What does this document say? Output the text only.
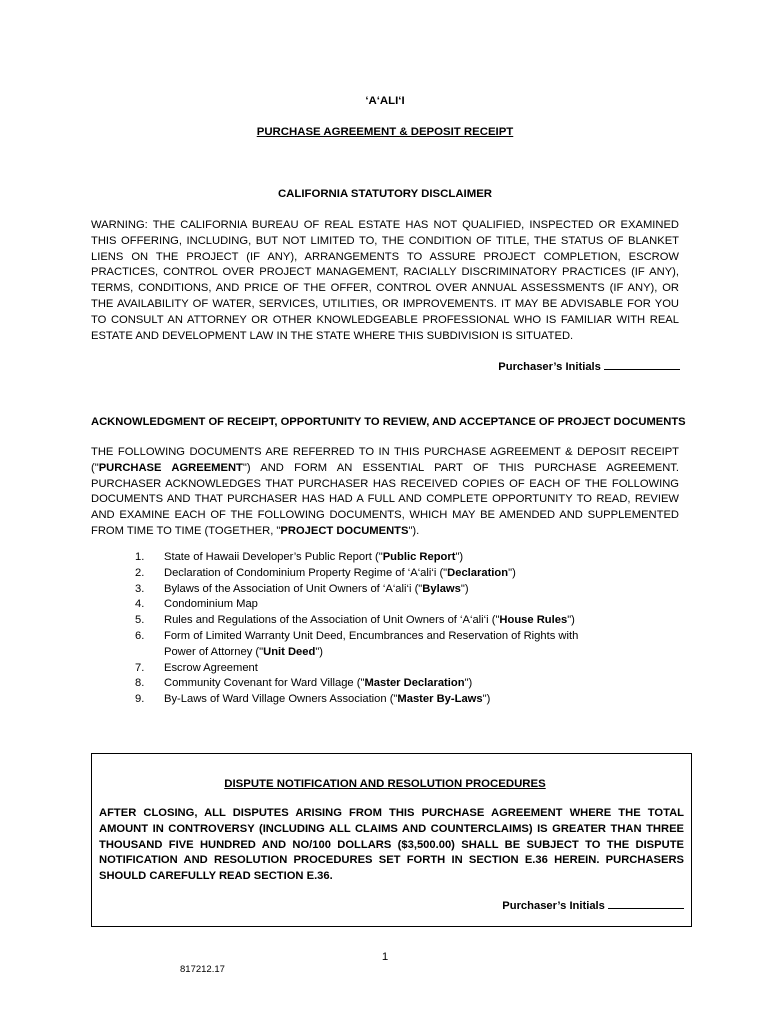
‘A‘ALI‘I
PURCHASE AGREEMENT & DEPOSIT RECEIPT
CALIFORNIA STATUTORY DISCLAIMER
WARNING: THE CALIFORNIA BUREAU OF REAL ESTATE HAS NOT QUALIFIED, INSPECTED OR EXAMINED THIS OFFERING, INCLUDING, BUT NOT LIMITED TO, THE CONDITION OF TITLE, THE STATUS OF BLANKET LIENS ON THE PROJECT (IF ANY), ARRANGEMENTS TO ASSURE PROJECT COMPLETION, ESCROW PRACTICES, CONTROL OVER PROJECT MANAGEMENT, RACIALLY DISCRIMINATORY PRACTICES (IF ANY), TERMS, CONDITIONS, AND PRICE OF THE OFFER, CONTROL OVER ANNUAL ASSESSMENTS (IF ANY), OR THE AVAILABILITY OF WATER, SERVICES, UTILITIES, OR IMPROVEMENTS. IT MAY BE ADVISABLE FOR YOU TO CONSULT AN ATTORNEY OR OTHER KNOWLEDGEABLE PROFESSIONAL WHO IS FAMILIAR WITH REAL ESTATE AND DEVELOPMENT LAW IN THE STATE WHERE THIS SUBDIVISION IS SITUATED.
Purchaser’s Initials
ACKNOWLEDGMENT OF RECEIPT, OPPORTUNITY TO REVIEW, AND ACCEPTANCE OF PROJECT DOCUMENTS
THE FOLLOWING DOCUMENTS ARE REFERRED TO IN THIS PURCHASE AGREEMENT & DEPOSIT RECEIPT ("PURCHASE AGREEMENT") AND FORM AN ESSENTIAL PART OF THIS PURCHASE AGREEMENT. PURCHASER ACKNOWLEDGES THAT PURCHASER HAS RECEIVED COPIES OF EACH OF THE FOLLOWING DOCUMENTS AND THAT PURCHASER HAS HAD A FULL AND COMPLETE OPPORTUNITY TO READ, REVIEW AND EXAMINE EACH OF THE FOLLOWING DOCUMENTS, WHICH MAY BE AMENDED AND SUPPLEMENTED FROM TIME TO TIME (TOGETHER, "PROJECT DOCUMENTS").
1. State of Hawaii Developer’s Public Report ("Public Report")
2. Declaration of Condominium Property Regime of ‘A‘ali‘i ("Declaration")
3. Bylaws of the Association of Unit Owners of ‘A‘ali‘i ("Bylaws")
4. Condominium Map
5. Rules and Regulations of the Association of Unit Owners of ‘A‘ali‘i ("House Rules")
6. Form of Limited Warranty Unit Deed, Encumbrances and Reservation of Rights with Power of Attorney ("Unit Deed")
7. Escrow Agreement
8. Community Covenant for Ward Village ("Master Declaration")
9. By-Laws of Ward Village Owners Association ("Master By-Laws")
DISPUTE NOTIFICATION AND RESOLUTION PROCEDURES
AFTER CLOSING, ALL DISPUTES ARISING FROM THIS PURCHASE AGREEMENT WHERE THE TOTAL AMOUNT IN CONTROVERSY (INCLUDING ALL CLAIMS AND COUNTERCLAIMS) IS GREATER THAN THREE THOUSAND FIVE HUNDRED AND NO/100 DOLLARS ($3,500.00) SHALL BE SUBJECT TO THE DISPUTE NOTIFICATION AND RESOLUTION PROCEDURES SET FORTH IN SECTION E.36 HEREIN. PURCHASERS SHOULD CAREFULLY READ SECTION E.36.
Purchaser’s Initials
1
817212.17
